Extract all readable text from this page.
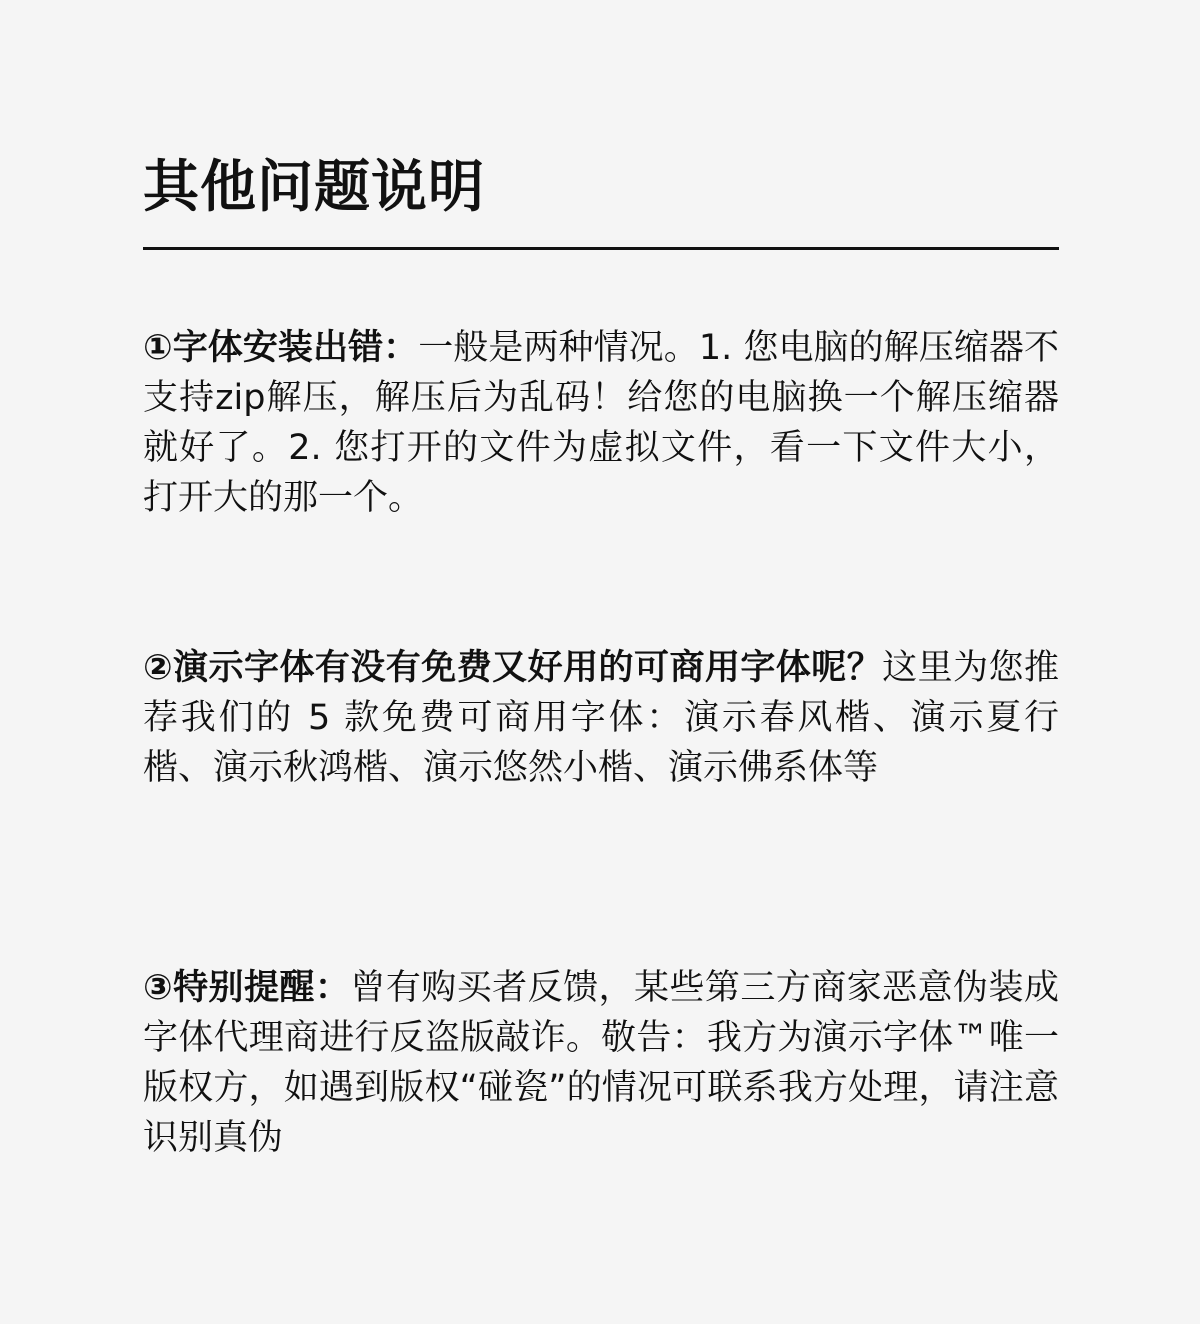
其他问题说明

①字体安装出错：一般是两种情况。1. 您电脑的解压缩器不支持zip解压，解压后为乱码！给您的电脑换一个解压缩器就好了。2. 您打开的文件为虚拟文件，看一下文件大小，打开大的那一个。

②演示字体有没有免费又好用的可商用字体呢？这里为您推荐我们的 5 款免费可商用字体：演示春风楷、演示夏行楷、演示秋鸿楷、演示悠然小楷、演示佛系体等

③特别提醒：曾有购买者反馈，某些第三方商家恶意伪装成字体代理商进行反盗版敲诈。敬告：我方为演示字体™唯一版权方，如遇到版权“碰瓷”的情况可联系我方处理，请注意识别真伪
